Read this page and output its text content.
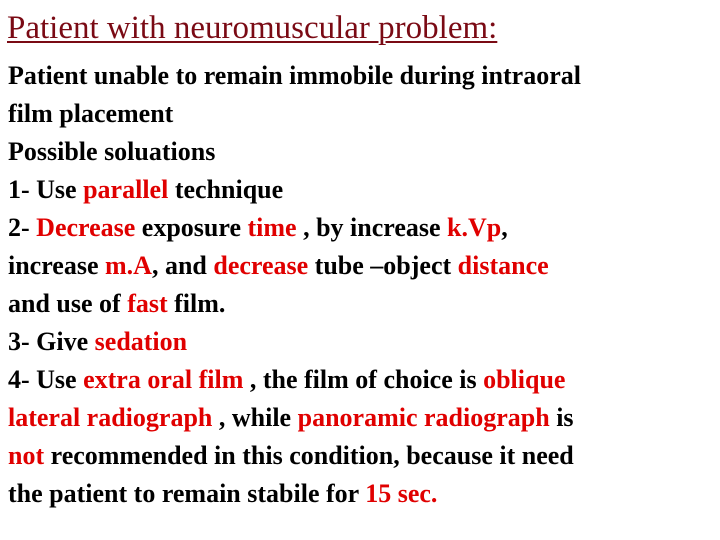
Patient with neuromuscular problem:
Patient unable to remain immobile during intraoral
film placement
Possible soluations
1- Use parallel technique
2- Decrease exposure time , by increase k.Vp,
increase m.A, and decrease tube –object distance
and use of fast film.
3- Give sedation
4- Use extra oral film , the film of choice is oblique
lateral radiograph , while panoramic radiograph is
not recommended in this condition, because it need
the patient to remain stabile for 15 sec.
